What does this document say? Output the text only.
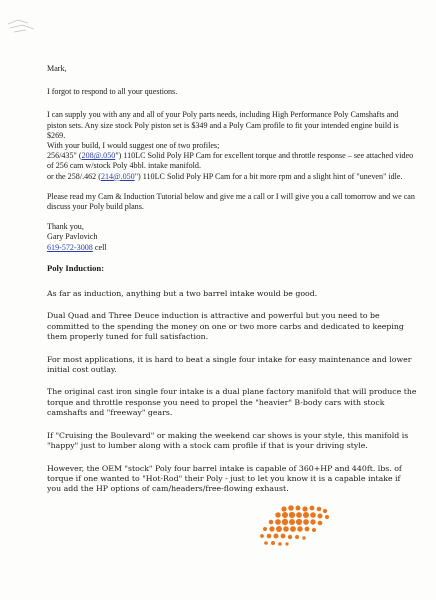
Mark,

I forgot to respond to all your questions.

I can supply you with any and all of your Poly parts needs, including High Performance Poly Camshafts and piston sets. Any size stock Poly piston set is $349 and a Poly Cam profile to fit your intended engine build is $269.
With your build, I would suggest one of two profiles;
256/435" (208@.050") 110LC Solid Poly HP Cam for excellent torque and throttle response – see attached video of 256 cam w/stock Poly 4bbl. intake manifold.
or the 258/.462 (214@.050") 110LC Solid Poly HP Cam for a bit more rpm and a slight hint of "uneven" idle.

Please read my Cam & Induction Tutorial below and give me a call or I will give you a call tomorrow and we can discuss your Poly build plans.

Thank you,
Gary Pavlovich
619-572-3008 cell
Poly Induction:

As far as induction, anything but a two barrel intake would be good.

Dual Quad and Three Deuce induction is attractive and powerful but you need to be committed to the spending the money on one or two more carbs and dedicated to keeping them properly tuned for full satisfaction.

For most applications, it is hard to beat a single four intake for easy maintenance and lower initial cost outlay.

The original cast iron single four intake is a dual plane factory manifold that will produce the torque and throttle response you need to propel the "heavier" B-body cars with stock camshafts and "freeway" gears.

If "Cruising the Boulevard" or making the weekend car shows is your style, this manifold is "happy" just to lumber along with a stock cam profile if that is your driving style.

However, the OEM "stock" Poly four barrel intake is capable of 360+HP and 440ft. lbs. of torque if one wanted to "Hot-Rod" their Poly - just to let you know it is a capable intake if you add the HP options of cam/headers/free-flowing exhaust.
